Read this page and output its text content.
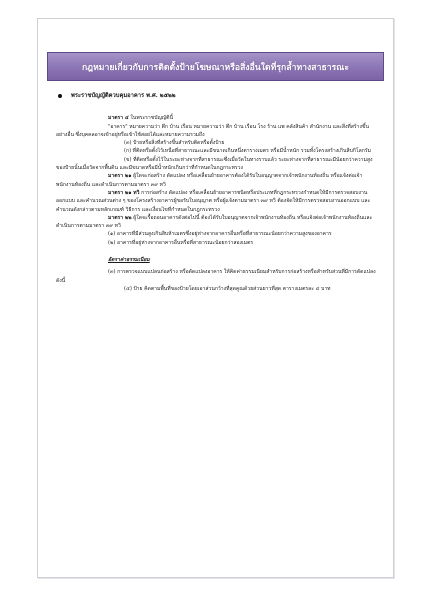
กฎหมายเกี่ยวกับการติดตั้งป้ายโฆษณาหรือสิ่งอื่นใดที่รุกล้ำทางสาธารณะ
พระราชบัญญัติควบคุมอาคาร พ.ศ. ๒๕๒๒

มาตรา ๔ ในพระราชบัญญัตินี้

"อาคาร" หมายความว่า ตึก บ้าน เรือน หมายความว่า ตึก บ้าน เรือน โรง ร้าน แพ คลังสินค้า สำนักงาน และสิ่งที่สร้างขึ้นอย่างอื่น ซึ่งบุคคลอาจเข้าอยู่หรือเข้าใช้สอยได้และหมายความรวมถึง

(๓) ป้ายหรือสิ่งที่สร้างขึ้นสำหรับติดหรือตั้งป้าย

(ก) ที่ติดหรือตั้งไว้เหนือที่สาธารณะและมีขนาดเกินหนึ่งตารางเมตร หรือมีน้ำหนัก รวมทั้งโครงสร้างเกินสิบกิโลกรัม

(ข) ที่ติดหรือตั้งไว้ในระยะห่างจากที่สาธารณะซึ่งเมื่อวัดในทางราบแล้ว ระยะห่างจากที่สาธารณะมีน้อยกว่าความสูงของป้ายนั้นเมื่อวัดจากพื้นดิน และมีขนาดหรือมีน้ำหนักเกินกว่าที่กำหนดในกฎกระทรวง

มาตรา ๒๑ ผู้ใดจะก่อสร้าง ดัดแปลง หรือเคลื่อนย้ายอาคารต้องได้รับใบอนุญาตจากเจ้าพนักงานท้องถิ่น หรือแจ้งต่อเจ้าพนักงานท้องถิ่น และดำเนินการตามมาตรา ๓๙ ทวิ

มาตรา ๒๑ ทวิ การก่อสร้าง ดัดแปลง หรือเคลื่อนย้ายอาคารชนิดหรือประเภทที่กฎกระทรวงกำหนดให้มีการตรวจสอบงานออกแบบ และคำนวณส่วนต่าง ๆ ของโครงสร้างอาคารผู้ขอรับใบอนุญาต หรือผู้แจ้งตามมาตรา ๓๙ ทวิ ต้องจัดให้มีการตรวจสอบงานออกแบบ และคำนวณดังกล่าวตามหลักเกณฑ์ วิธีการ และเงื่อนไขที่กำหนดในกฎกระทรวง

มาตรา ๒๒ ผู้ใดจะรื้อถอนอาคารดังต่อไปนี้ ต้องได้รับใบอนุญาตจากเจ้าพนักงานท้องถิ่น หรือแจ้งต่อเจ้าพนักงานท้องถิ่นและดำเนินการตามมาตรา ๓๙ ทวิ

(๑) อาคารที่มีส่วนสูงเกินสิบห้าเมตรซึ่งอยู่ห่างจากอาคารอื่นหรือที่สาธารณะน้อยกว่าความสูงของอาคาร

(๒) อาคารที่อยู่ห่างจากอาคารอื่นหรือที่สาธารณะน้อยกว่าสองเมตร

อัตราค่าธรรมเนียม

(๓) การตรวจแบบแปลนก่อสร้าง หรือดัดแปลงอาคาร ให้คิดค่าธรรมเนียมสำหรับการก่อสร้างหรือสำหรับส่วนที่มีการดัดแปลง ดังนี้

(๔) ป้าย คิดตามพื้นที่ของป้ายโดยเอาส่วนกว้างที่สุดคูณด้วยส่วนยาวที่สุด ตารางเมตรละ ๔ บาท
